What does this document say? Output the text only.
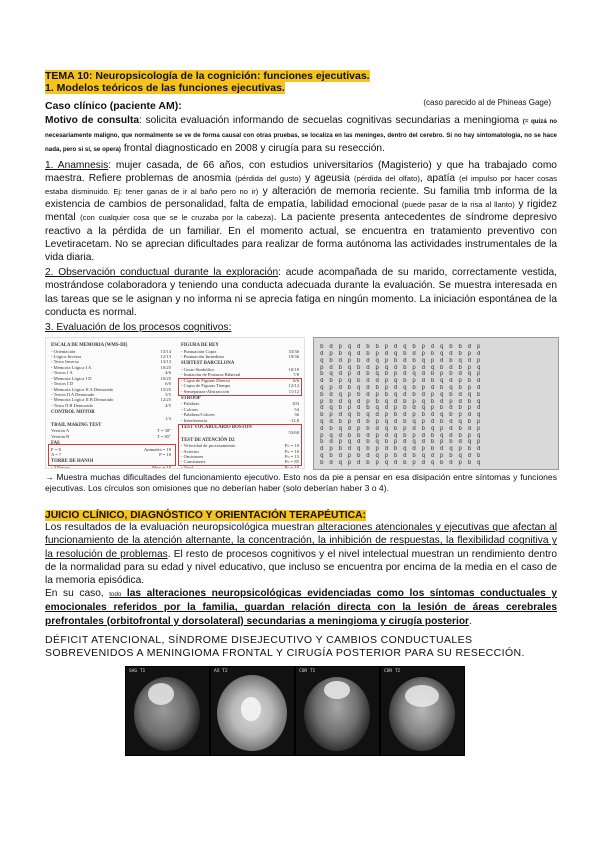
TEMA 10: Neuropsicología de la cognición: funciones ejecutivas.
1. Modelos teóricos de las funciones ejecutivas.
Caso clínico (paciente AM):	(caso parecido al de Phineas Gage)
Motivo de consulta: solicita evaluación informando de secuelas cognitivas secundarias a meningioma (= quizá no necesariamente maligno, que normalmente se ve de forma causal con otras pruebas, se localiza en las meninges, dentro del cerebro. Si no hay sintomatología, no se hace nada, pero si sí, se opera) frontal diagnosticado en 2008 y cirugía para su resección.
1. Anamnesis: mujer casada, de 66 años, con estudios universitarios (Magisterio) y que ha trabajado como maestra. Refiere problemas de anosmia (pérdida del gusto) y ageusia (pérdida del olfato), apatía (el impulso por hacer cosas estaba disminuido. Ej: tener ganas de ir al baño pero no ir) y alteración de memoria reciente. Su familia tmb informa de la existencia de cambios de personalidad, falta de empatía, labilidad emocional (puede pasar de la risa al llanto) y rigidez mental (con cualquier cosa que se le cruzaba por la cabeza). La paciente presenta antecedentes de síndrome depresivo reactivo a la pérdida de un familiar. En el momento actual, se encuentra en tratamiento preventivo con Levetiracetam. No se aprecian dificultades para realizar de forma autónoma las actividades instrumentales de la vida diaria.
2. Observación conductual durante la exploración: acude acompañada de su marido, correctamente vestida, mostrándose colaboradora y teniendo una conducta adecuada durante la evaluación. Se muestra interesada en las tareas que se le asignan y no informa ni se aprecia fatiga en ningún momento. La iniciación espontánea de la conducta es normal.
3. Evaluación de los procesos cognitivos:
ESCALA DE MEMORIA (WMS-III)
- Orientación	13/14
- Lógica Inversa	12/13
- Texto Inverso	13/13
- Memoria Lógica I A	10/25
- Textos I A	4/6
- Memoria Lógica I D	16/25
- Textos I D	6/6
- Memoria Lógica II A Demorado	15/25
- Textos II A Demorado	5/5
- Memoria Lógica II B Demorado	12/25
- Texto II B Demorado	4/5
CONTROL MOTOR
1/3
TRAIL MAKING TEST
Versión A	T = 38"
Versión B	T = 85"
FAS
F = 8	Animales = 18
A = 7	P = 10
TORRE DE HANOI
- 3 Discos	Mov. = 10
FIGURA DE REY
- Puntuación Copia	33/36
- Puntuación Inmediata	19/36
SUBTEST BARCELONA
- Gesto Simbólico	10/10
- Imitación de Posturas Bilateral	7/8
- Copia de Figuras Directa	6/6
- Copia de Figuras Tiempo	12/12
- Semejanzas-Abstracción	11/12
STROOP
- Palabras	103
- Colores	54
- Palabras/Colores	36
- Interferencia	-12,8
TEST VOCABULARIO BOSTON
53/60
TEST DE ATENCIÓN D2
- Velocidad de procesamiento	Pc = 10
- Aciertos	Pc = 10
- Omisiones	Pc = 15
- Comisiones	Pc = 85
- Total	Pc = 10
b d p q d b b p d q b p d q b b d p
d p b q d b p d q b d p b q d b p d
q b d p b d q p b d b q p d b q d p
p d b q b d p q d b p d q b d b p q
b q d p d b q b p d q d b p b d q p
d b p q b d d p q b p d b q d p b d
q p d b q d b p d q b p d b q b p d
b d q p b d p b q d b d p q b d q b
p b d q d p b q d b p q b d p d b q
d q b p d b q d p b d q p b d b p d
b p d q b q d p b d p b d q b p d q
q d b p d b p q d b q p d b d q b p
d b q d p b d q b p d b q p d b d p
p q d b b d p d q b p d b q d b p q
b d p q d b q b p d q d b p b d q p
d p b d q b p d b q d p b d q p b d
q b d p b d q p b d b q d p b q d b
b d q p d b p q d b p d q b d p b q
→ Muestra muchas dificultades del funcionamiento ejecutivo. Esto nos da pie a pensar en esa disipación entre síntomas y funciones ejecutivas. Los círculos son omisiones que no deberían haber (solo deberían haber 3 o 4).
JUICIO CLÍNICO, DIAGNÓSTICO Y ORIENTACIÓN TERAPÉUTICA:
Los resultados de la evaluación neuropsicológica muestran alteraciones atencionales y ejecutivas que afectan al funcionamiento de la atención alternante, la concentración, la inhibición de respuestas, la flexibilidad cognitiva y la resolución de problemas. El resto de procesos cognitivos y el nivel intelectual muestran un rendimiento dentro de la normalidad para su edad y nivel educativo, que incluso se encuentra por encima de la media en el caso de la memoria episódica.
En su caso, todo las alteraciones neuropsicológicas evidenciadas como los síntomas conductuales y emocionales referidos por la familia, guardan relación directa con la lesión de áreas cerebrales prefrontales (orbitofrontal y dorsolateral) secundarias a meningioma y cirugía posterior.
DÉFICIT ATENCIONAL, SÍNDROME DISEJECUTIVO Y CAMBIOS CONDUCTUALES SOBREVENIDOS A MENINGIOMA FRONTAL Y CIRUGÍA POSTERIOR PARA SU RESECCIÓN.
SAG T1	AX T2	COR T1	COR T2
